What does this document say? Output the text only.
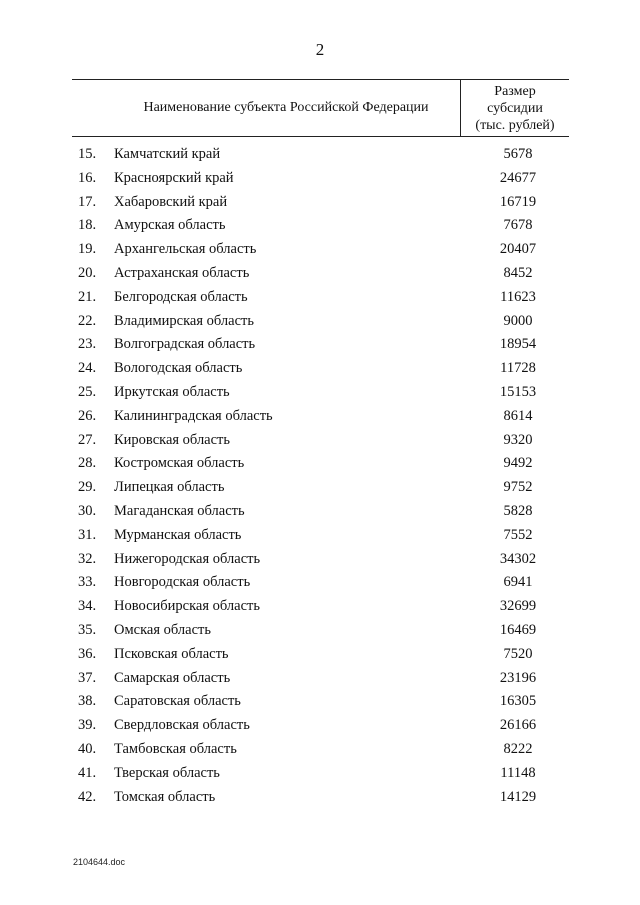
2
Наименование субъекта Российской Федерации
Размер
субсидии
(тыс. рублей)
15.	Камчатский край	5678
16.	Красноярский край	24677
17.	Хабаровский край	16719
18.	Амурская область	7678
19.	Архангельская область	20407
20.	Астраханская область	8452
21.	Белгородская область	11623
22.	Владимирская область	9000
23.	Волгоградская область	18954
24.	Вологодская область	11728
25.	Иркутская область	15153
26.	Калининградская область	8614
27.	Кировская область	9320
28.	Костромская область	9492
29.	Липецкая область	9752
30.	Магаданская область	5828
31.	Мурманская область	7552
32.	Нижегородская область	34302
33.	Новгородская область	6941
34.	Новосибирская область	32699
35.	Омская область	16469
36.	Псковская область	7520
37.	Самарская область	23196
38.	Саратовская область	16305
39.	Свердловская область	26166
40.	Тамбовская область	8222
41.	Тверская область	11148
42.	Томская область	14129
2104644.doc
